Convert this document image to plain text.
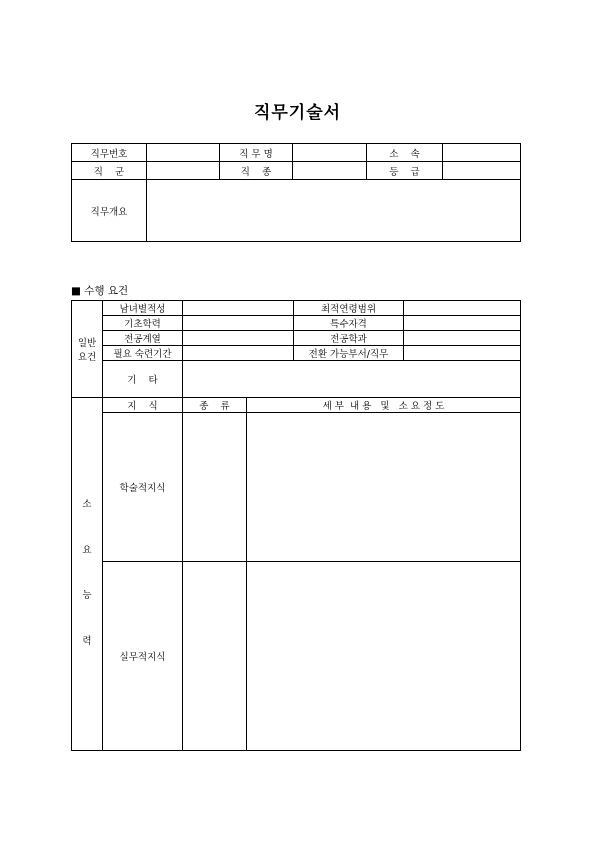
직무기술서
직무번호		직 무 명		소    속	
직    군		직    종		등    급	
직무개요					
■ 수행 요건
일반
요건	남녀별적성			최적연령범위	
	기초학력			특수자격	
	전공계열			전공학과	
	필요 숙련기간			전환 가능부서/직무	
	기    타				
소

요

능

력	지    식	종    류	세 부  내 용   및   소 요 정 도		
	학술적지식				
	실무적지식				
